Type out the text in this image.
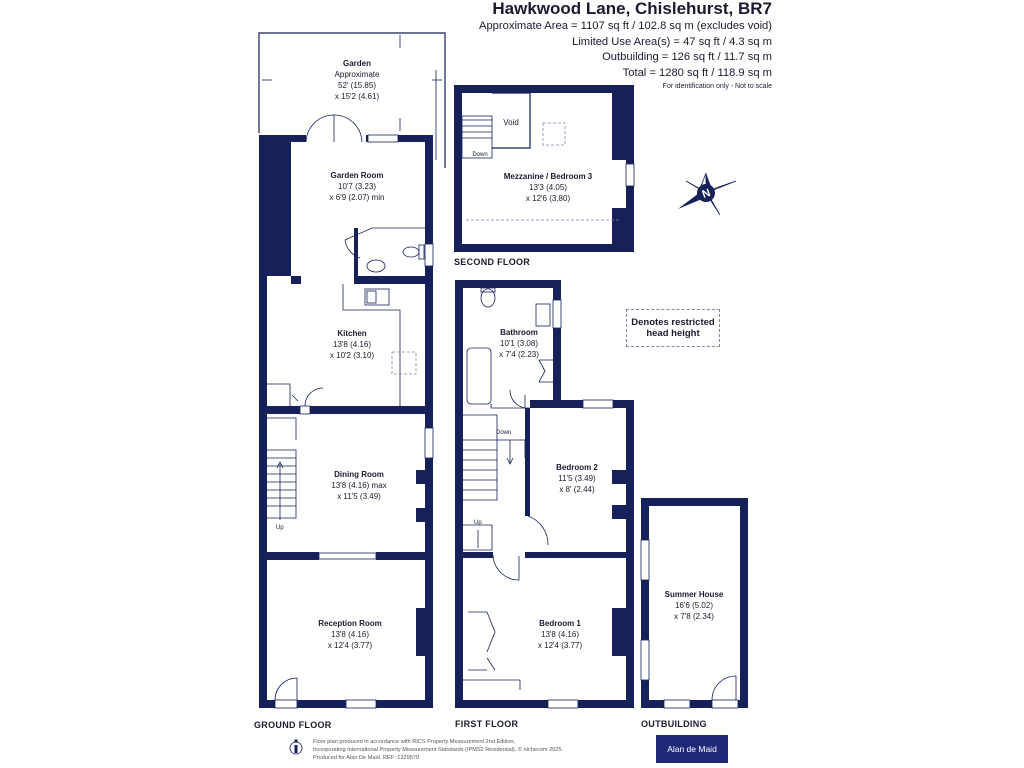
Garden
Approximate
52' (15.85)
x 15'2 (4.61)
Garden Room
10'7 (3.23)
x 6'9 (2.07) min
Kitchen
13'8 (4.16)
x 10'2 (3.10)
Dining Room
13'8 (4.16) max
x 11'5 (3.49)
Reception Room
13'8 (4.16)
x 12'4 (3.77)
Up
GROUND FLOOR
Void
Down
Mezzanine / Bedroom 3
13'3 (4.05)
x 12'6 (3.80)
SECOND FLOOR
N
Bathroom
10'1 (3.08)
x 7'4 (2.23)
Down
Up
Bedroom 2
11'5 (3.49)
x 8' (2.44)
Bedroom 1
13'8 (4.16)
x 12'4 (3.77)
FIRST FLOOR
Summer House
16'6 (5.02)
x 7'8 (2.34)
OUTBUILDING
Hawkwood Lane, Chislehurst, BR7
Approximate Area = 1107 sq ft / 102.8 sq m (excludes void)
Limited Use Area(s) = 47 sq ft / 4.3 sq m
Outbuilding = 126 sq ft / 11.7 sq m
Total = 1280 sq ft / 118.9 sq m
For identification only - Not to scale
Denotes restricted
head height
Floor plan produced in accordance with RICS Property Measurement 2nd Edition,
Incorporating International Property Measurement Standards (IPMS2 Residential). © nichecom 2025.
Produced for Alan De Maid. REF: 1329570
Alan de Maid
